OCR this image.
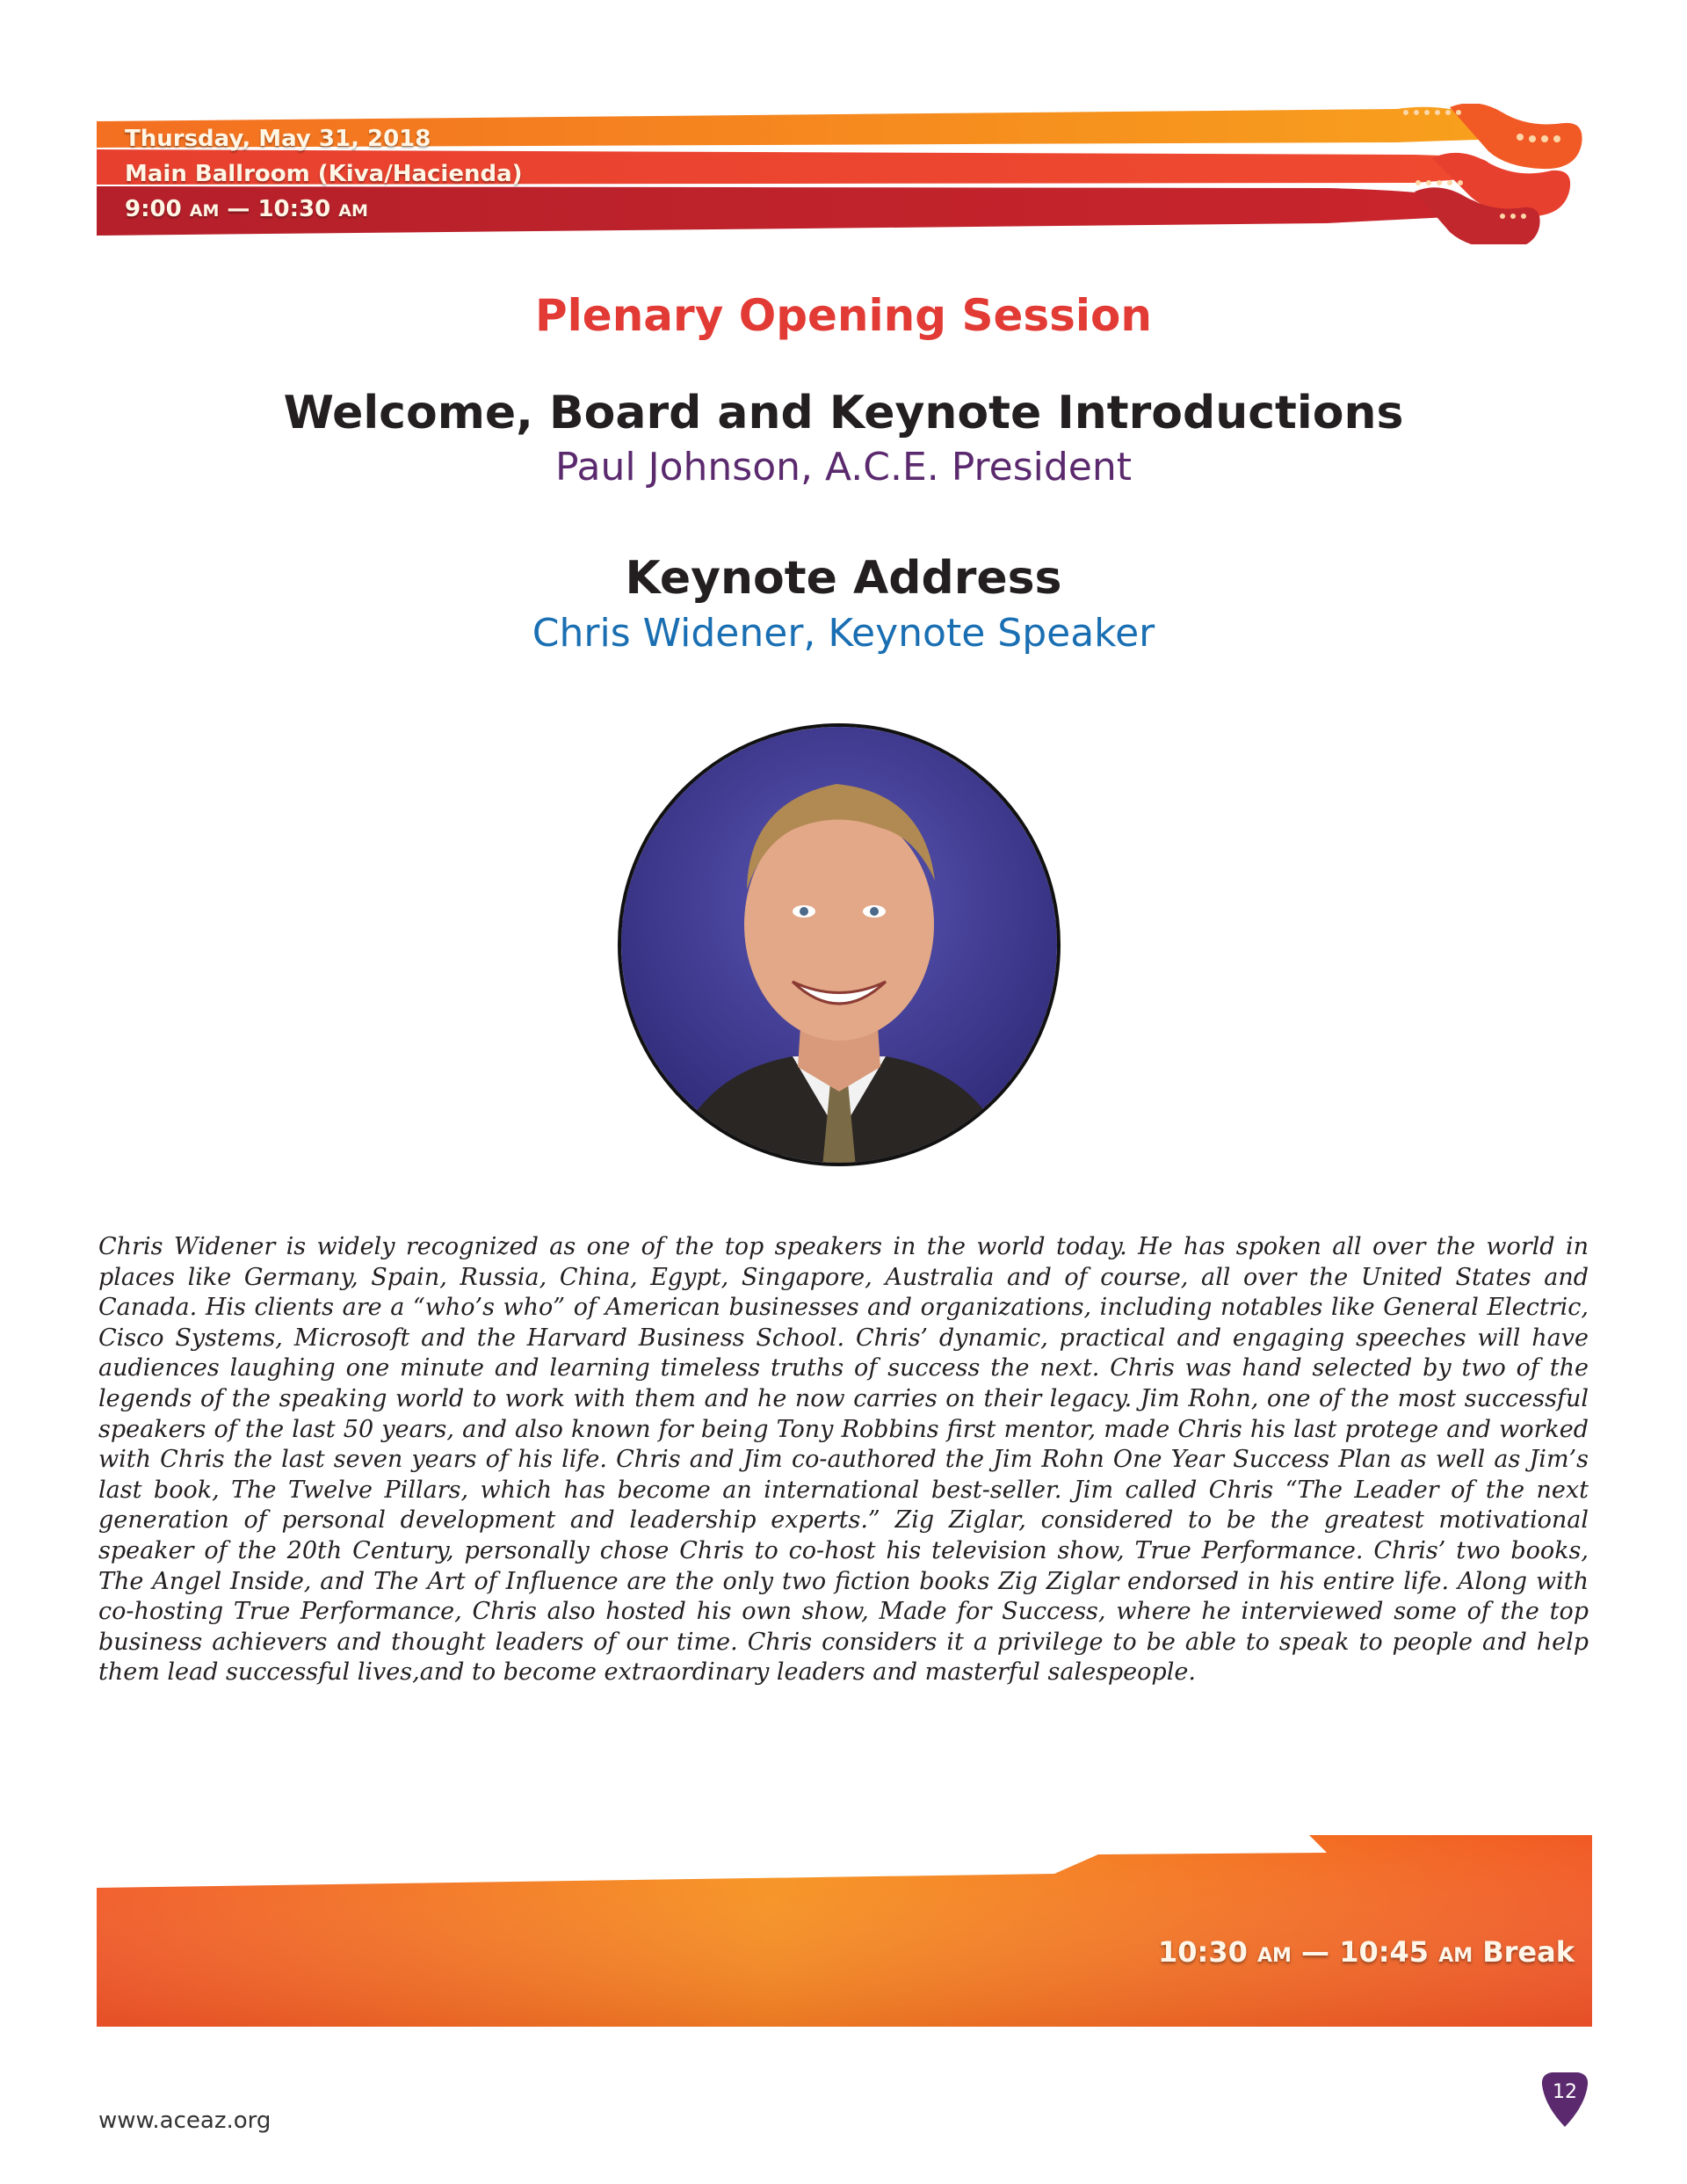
Thursday, May 31, 2018
Main Ballroom (Kiva/Hacienda)
9:00 AM — 10:30 AM
Plenary Opening Session
Welcome, Board and Keynote Introductions
Paul Johnson, A.C.E. President
Keynote Address
Chris Widener, Keynote Speaker
Chris Widener is widely recognized as one of the top speakers in the world today. He has spoken all over the world in places like Germany, Spain, Russia, China, Egypt, Singapore, Australia and of course, all over the United States and Canada. His clients are a “who’s who” of American businesses and organizations, including notables like General Electric, Cisco Systems, Microsoft and the Harvard Business School. Chris’ dynamic, practical and engaging speeches will have audiences laughing one minute and learning timeless truths of success the next. Chris was hand selected by two of the legends of the speaking world to work with them and he now carries on their legacy. Jim Rohn, one of the most successful speakers of the last 50 years, and also known for being Tony Robbins first mentor, made Chris his last protege and worked with Chris the last seven years of his life. Chris and Jim co-authored the Jim Rohn One Year Success Plan as well as Jim’s last book, The Twelve Pillars, which has become an international best-seller. Jim called Chris “The Leader of the next generation of personal development and leadership experts.” Zig Ziglar, considered to be the greatest motivational speaker of the 20th Century, personally chose Chris to co-host his television show, True Performance. Chris’ two books, The Angel Inside, and The Art of Influence are the only two fiction books Zig Ziglar endorsed in his entire life. Along with co-hosting True Performance, Chris also hosted his own show, Made for Success, where he interviewed some of the top business achievers and thought leaders of our time. Chris considers it a privilege to be able to speak to people and help them lead successful lives,and to become extraordinary leaders and masterful salespeople.
10:30 AM — 10:45 AM Break
www.aceaz.org
12
